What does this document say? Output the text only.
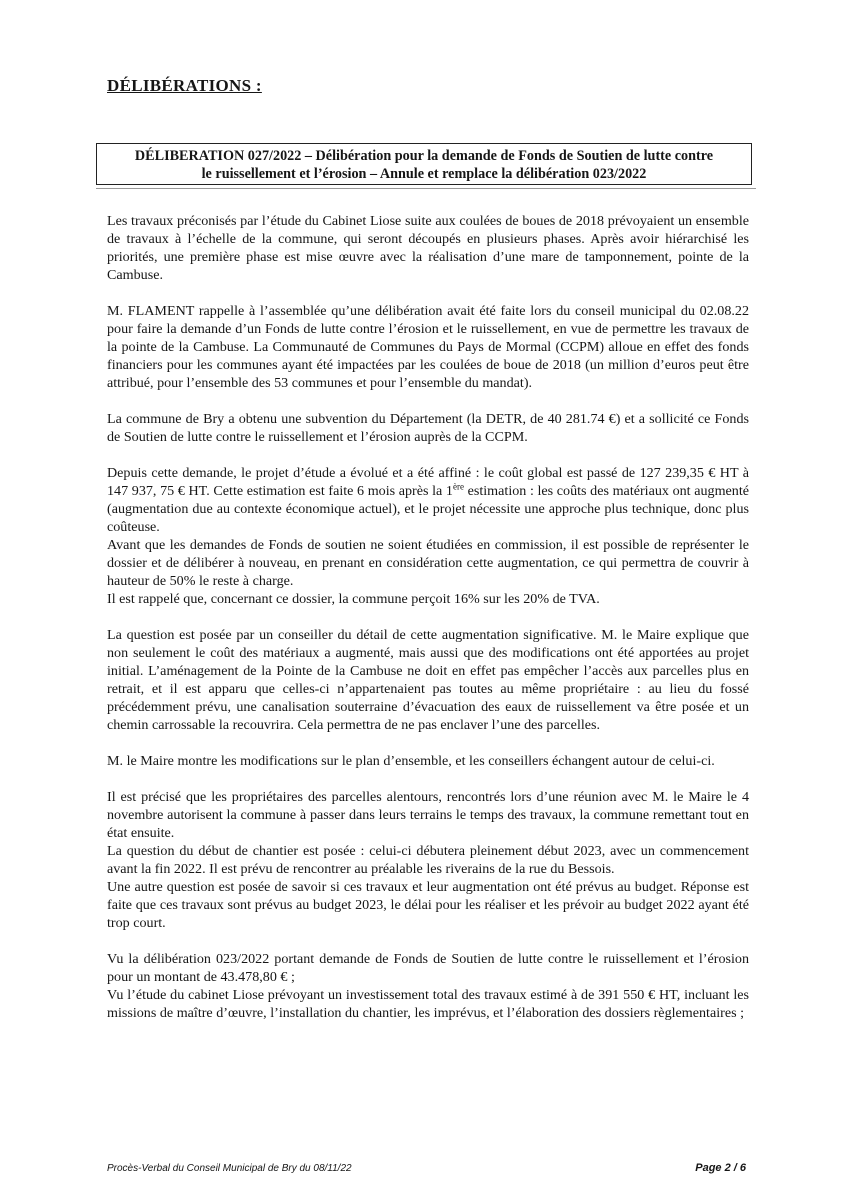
DÉLIBÉRATIONS :
DÉLIBERATION 027/2022 – Délibération pour la demande de Fonds de Soutien de lutte contre
le ruissellement et l’érosion – Annule et remplace la délibération 023/2022

Les travaux préconisés par l’étude du Cabinet Liose suite aux coulées de boues de 2018 prévoyaient un ensemble de travaux à l’échelle de la commune, qui seront découpés en plusieurs phases. Après avoir hiérarchisé les priorités, une première phase est mise œuvre avec la réalisation d’une mare de tamponnement, pointe de la Cambuse.

M. FLAMENT rappelle à l’assemblée qu’une délibération avait été faite lors du conseil municipal du 02.08.22 pour faire la demande d’un Fonds de lutte contre l’érosion et le ruissellement, en vue de permettre les travaux de la pointe de la Cambuse. La Communauté de Communes du Pays de Mormal (CCPM) alloue en effet des fonds financiers pour les communes ayant été impactées par les coulées de boue de 2018 (un million d’euros peut être attribué, pour l’ensemble des 53 communes et pour l’ensemble du mandat).

La commune de Bry a obtenu une subvention du Département (la DETR, de 40 281.74 €) et a sollicité ce Fonds de Soutien de lutte contre le ruissellement et l’érosion auprès de la CCPM.

Depuis cette demande, le projet d’étude a évolué et a été affiné : le coût global est passé de 127 239,35 € HT à 147 937, 75 € HT. Cette estimation est faite 6 mois après la 1ère estimation : les coûts des matériaux ont augmenté (augmentation due au contexte économique actuel), et le projet nécessite une approche plus technique, donc plus coûteuse.

Avant que les demandes de Fonds de soutien ne soient étudiées en commission, il est possible de représenter le dossier et de délibérer à nouveau, en prenant en considération cette augmentation, ce qui permettra de couvrir à hauteur de 50% le reste à charge.

Il est rappelé que, concernant ce dossier, la commune perçoit 16% sur les 20% de TVA.

La question est posée par un conseiller du détail de cette augmentation significative. M. le Maire explique que non seulement le coût des matériaux a augmenté, mais aussi que des modifications ont été apportées au projet initial. L’aménagement de la Pointe de la Cambuse ne doit en effet pas empêcher l’accès aux parcelles plus en retrait, et il est apparu que celles-ci n’appartenaient pas toutes au même propriétaire : au lieu du fossé précédemment prévu, une canalisation souterraine d’évacuation des eaux de ruissellement va être posée et un chemin carrossable la recouvrira. Cela permettra de ne pas enclaver l’une des parcelles.

M. le Maire montre les modifications sur le plan d’ensemble, et les conseillers échangent autour de celui-ci.

Il est précisé que les propriétaires des parcelles alentours, rencontrés lors d’une réunion avec M. le Maire le 4 novembre autorisent la commune à passer dans leurs terrains le temps des travaux, la commune remettant tout en état ensuite.

La question du début de chantier est posée : celui-ci débutera pleinement début 2023, avec un commencement avant la fin 2022. Il est prévu de rencontrer au préalable les riverains de la rue du Bessois.

Une autre question est posée de savoir si ces travaux et leur augmentation ont été prévus au budget. Réponse est faite que ces travaux sont prévus au budget 2023, le délai pour les réaliser et les prévoir au budget 2022 ayant été trop court.

Vu la délibération 023/2022 portant demande de Fonds de Soutien de lutte contre le ruissellement et l’érosion pour un montant de 43.478,80 € ;

Vu l’étude du cabinet Liose prévoyant un investissement total des travaux estimé à de 391 550 € HT, incluant les missions de maître d’œuvre, l’installation du chantier, les imprévus, et l’élaboration des dossiers règlementaires ;

Procès-Verbal du Conseil Municipal de Bry du 08/11/22	Page 2 / 6
